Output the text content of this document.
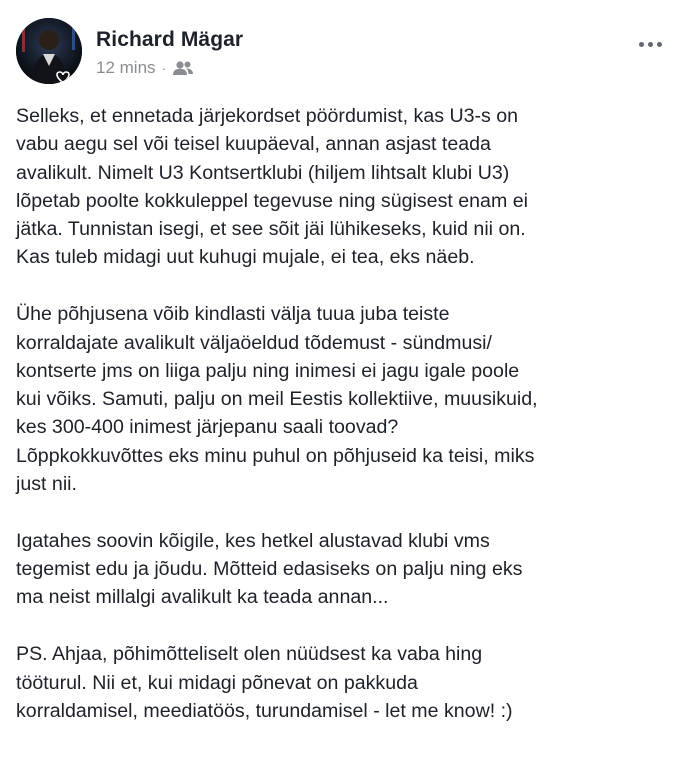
Richard Mägar
12 mins ·

Selleks, et ennetada järjekordset pöördumist, kas U3-s on
vabu aegu sel või teisel kuupäeval, annan asjast teada
avalikult. Nimelt U3 Kontsertklubi (hiljem lihtsalt klubi U3)
lõpetab poolte kokkuleppel tegevuse ning sügisest enam ei
jätka. Tunnistan isegi, et see sõit jäi lühikeseks, kuid nii on.
Kas tuleb midagi uut kuhugi mujale, ei tea, eks näeb.

Ühe põhjusena võib kindlasti välja tuua juba teiste
korraldajate avalikult väljaöeldud tõdemust - sündmusi/
kontserte jms on liiga palju ning inimesi ei jagu igale poole
kui võiks. Samuti, palju on meil Eestis kollektiive, muusikuid,
kes 300-400 inimest järjepanu saali toovad?
Lõppkokkuvõttes eks minu puhul on põhjuseid ka teisi, miks
just nii.

Igatahes soovin kõigile, kes hetkel alustavad klubi vms
tegemist edu ja jõudu. Mõtteid edasiseks on palju ning eks
ma neist millalgi avalikult ka teada annan...

PS. Ahjaa, põhimõtteliselt olen nüüdsest ka vaba hing
tööturul. Nii et, kui midagi põnevat on pakkuda
korraldamisel, meediatöös, turundamisel - let me know! :)
